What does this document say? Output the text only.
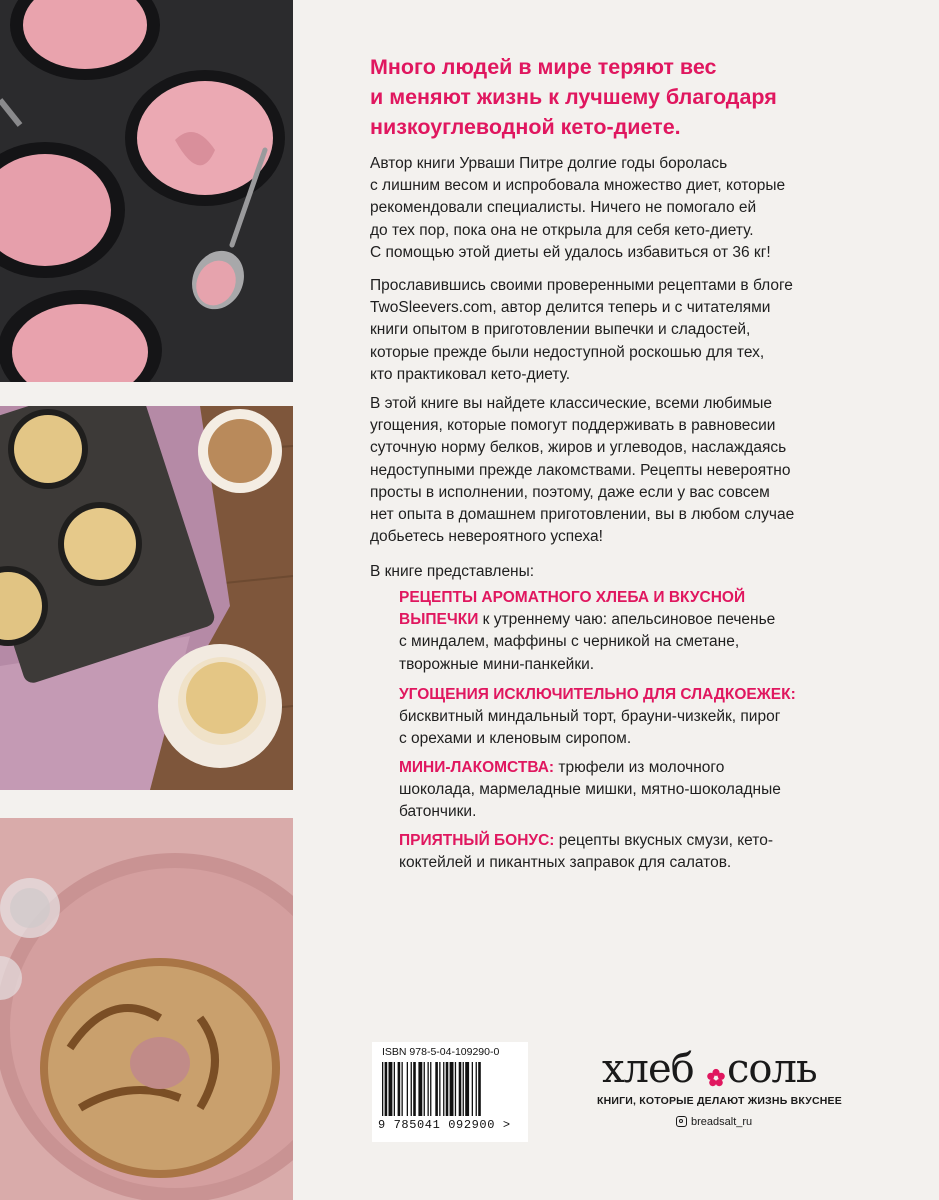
Много людей в мире теряют вес
и меняют жизнь к лучшему благодаря
низкоуглеводной кето-диете.

Автор книги Урваши Питре долгие годы боролась
с лишним весом и испробовала множество диет, которые
рекомендовали специалисты. Ничего не помогало ей
до тех пор, пока она не открыла для себя кето-диету.
С помощью этой диеты ей удалось избавиться от 36 кг!

Прославившись своими проверенными рецептами в блоге
TwoSleevers.com, автор делится теперь и с читателями
книги опытом в приготовлении выпечки и сладостей,
которые прежде были недоступной роскошью для тех,
кто практиковал кето-диету.

В этой книге вы найдете классические, всеми любимые
угощения, которые помогут поддерживать в равновесии
суточную норму белков, жиров и углеводов, наслаждаясь
недоступными прежде лакомствами. Рецепты невероятно
просты в исполнении, поэтому, даже если у вас совсем
нет опыта в домашнем приготовлении, вы в любом случае
добьетесь невероятного успеха!

В книге представлены:

РЕЦЕПТЫ АРОМАТНОГО ХЛЕБА И ВКУСНОЙ
ВЫПЕЧКИ к утреннему чаю: апельсиновое печенье
с миндалем, маффины с черникой на сметане,
творожные мини-панкейки.

УГОЩЕНИЯ ИСКЛЮЧИТЕЛЬНО ДЛЯ СЛАДКОЕЖЕК:
бисквитный миндальный торт, брауни-чизкейк, пирог
с орехами и кленовым сиропом.

МИНИ-ЛАКОМСТВА: трюфели из молочного
шоколада, мармеладные мишки, мятно-шоколадные
батончики.

ПРИЯТНЫЙ БОНУС: рецепты вкусных смузи, кето-
коктейлей и пикантных заправок для салатов.

ISBN 978-5-04-109290-0
9 785041 092900 >
хлеб соль
КНИГИ, КОТОРЫЕ ДЕЛАЮТ ЖИЗНЬ ВКУСНЕЕ
breadsalt_ru
